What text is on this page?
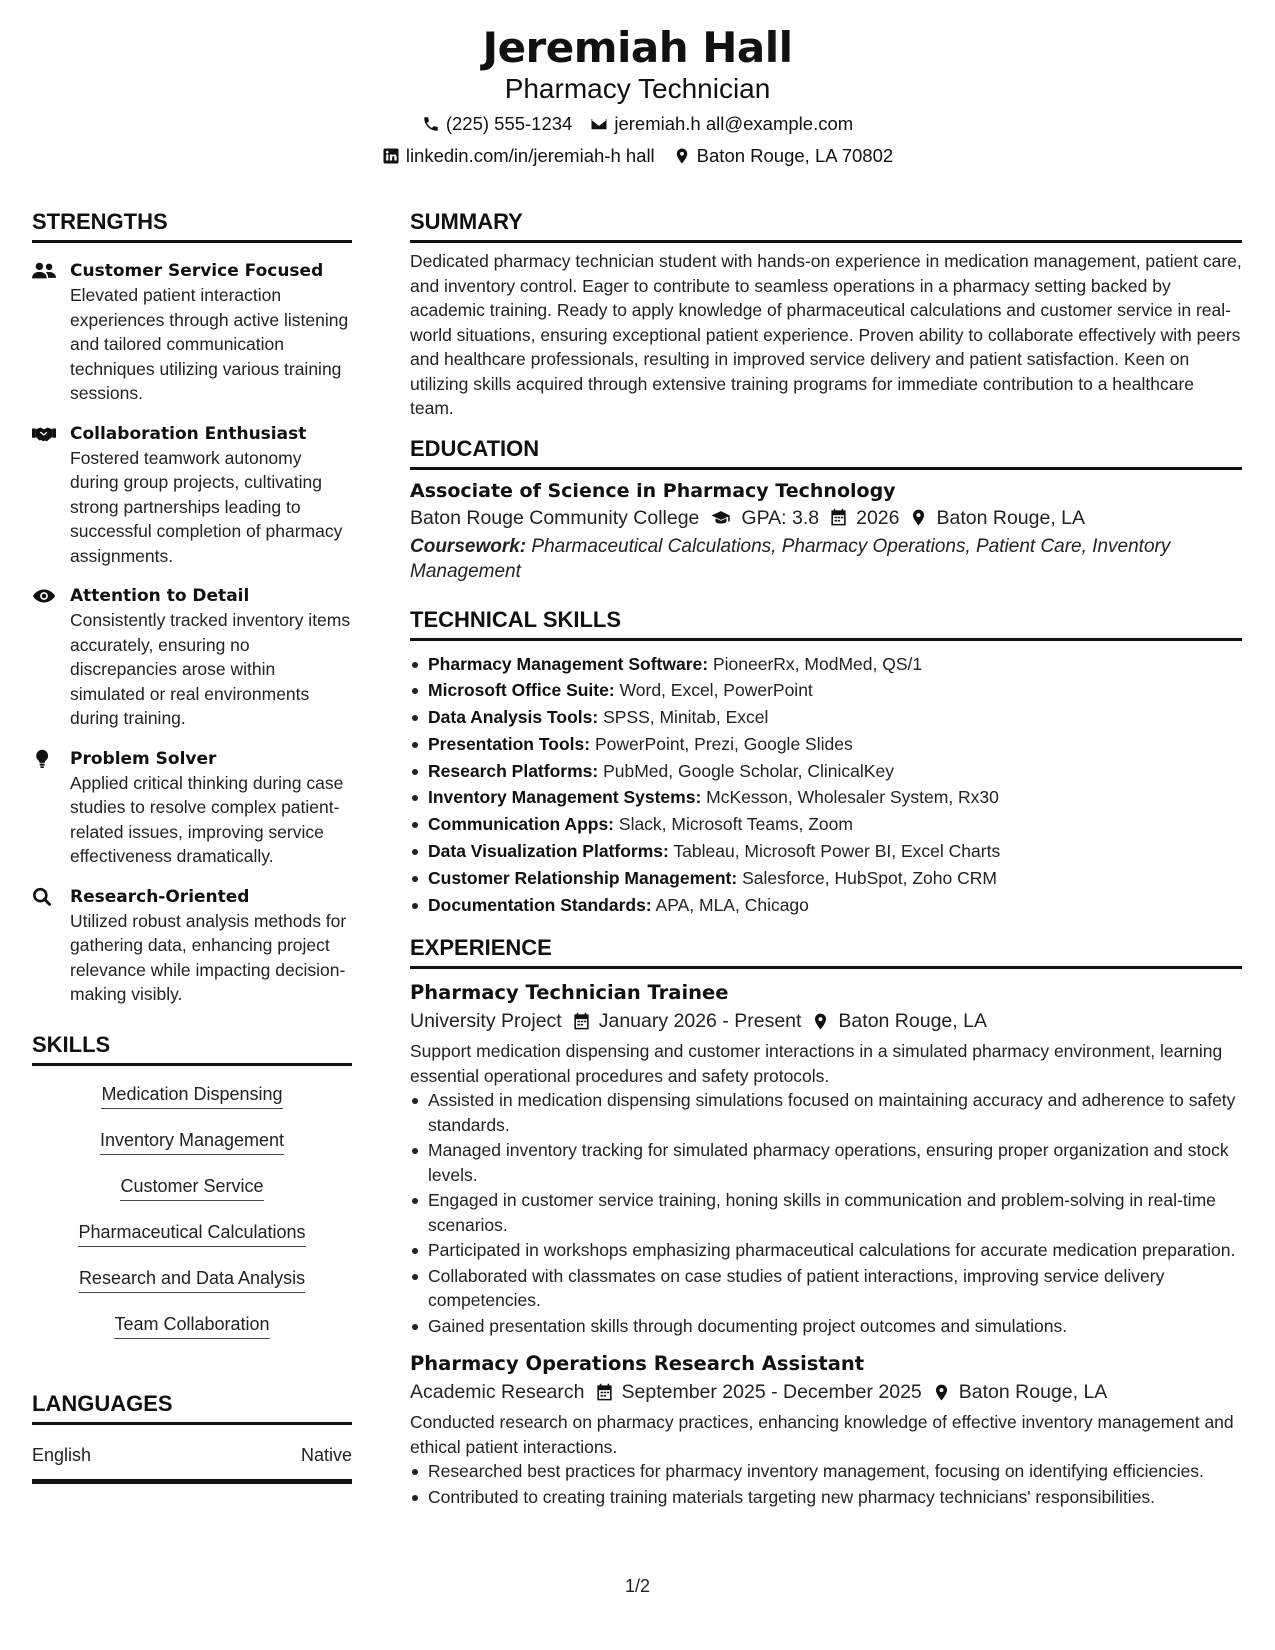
Jeremiah Hall
Pharmacy Technician
(225) 555-1234 jeremiah.h all@example.com
linkedin.com/in/jeremiah-h hall Baton Rouge, LA 70802
STRENGTHS
Customer Service Focused
Elevated patient interaction experiences through active listening and tailored communication techniques utilizing various training sessions.
Collaboration Enthusiast
Fostered teamwork autonomy during group projects, cultivating strong partnerships leading to successful completion of pharmacy assignments.
Attention to Detail
Consistently tracked inventory items accurately, ensuring no discrepancies arose within simulated or real environments during training.
Problem Solver
Applied critical thinking during case studies to resolve complex patient-related issues, improving service effectiveness dramatically.
Research-Oriented
Utilized robust analysis methods for gathering data, enhancing project relevance while impacting decision-making visibly.
SKILLS
Medication Dispensing
Inventory Management
Customer Service
Pharmaceutical Calculations
Research and Data Analysis
Team Collaboration
LANGUAGES
English	Native
SUMMARY
Dedicated pharmacy technician student with hands-on experience in medication management, patient care, and inventory control. Eager to contribute to seamless operations in a pharmacy setting backed by academic training. Ready to apply knowledge of pharmaceutical calculations and customer service in real-world situations, ensuring exceptional patient experience. Proven ability to collaborate effectively with peers and healthcare professionals, resulting in improved service delivery and patient satisfaction. Keen on utilizing skills acquired through extensive training programs for immediate contribution to a healthcare team.
EDUCATION
Associate of Science in Pharmacy Technology
Baton Rouge Community College GPA: 3.8 2026 Baton Rouge, LA
Coursework: Pharmaceutical Calculations, Pharmacy Operations, Patient Care, Inventory Management
TECHNICAL SKILLS
Pharmacy Management Software: PioneerRx, ModMed, QS/1
Microsoft Office Suite: Word, Excel, PowerPoint
Data Analysis Tools: SPSS, Minitab, Excel
Presentation Tools: PowerPoint, Prezi, Google Slides
Research Platforms: PubMed, Google Scholar, ClinicalKey
Inventory Management Systems: McKesson, Wholesaler System, Rx30
Communication Apps: Slack, Microsoft Teams, Zoom
Data Visualization Platforms: Tableau, Microsoft Power BI, Excel Charts
Customer Relationship Management: Salesforce, HubSpot, Zoho CRM
Documentation Standards: APA, MLA, Chicago
EXPERIENCE
Pharmacy Technician Trainee
University Project January 2026 - Present Baton Rouge, LA
Support medication dispensing and customer interactions in a simulated pharmacy environment, learning essential operational procedures and safety protocols.
Assisted in medication dispensing simulations focused on maintaining accuracy and adherence to safety standards.
Managed inventory tracking for simulated pharmacy operations, ensuring proper organization and stock levels.
Engaged in customer service training, honing skills in communication and problem-solving in real-time scenarios.
Participated in workshops emphasizing pharmaceutical calculations for accurate medication preparation.
Collaborated with classmates on case studies of patient interactions, improving service delivery competencies.
Gained presentation skills through documenting project outcomes and simulations.
Pharmacy Operations Research Assistant
Academic Research September 2025 - December 2025 Baton Rouge, LA
Conducted research on pharmacy practices, enhancing knowledge of effective inventory management and ethical patient interactions.
Researched best practices for pharmacy inventory management, focusing on identifying efficiencies.
Contributed to creating training materials targeting new pharmacy technicians' responsibilities.
1/2
